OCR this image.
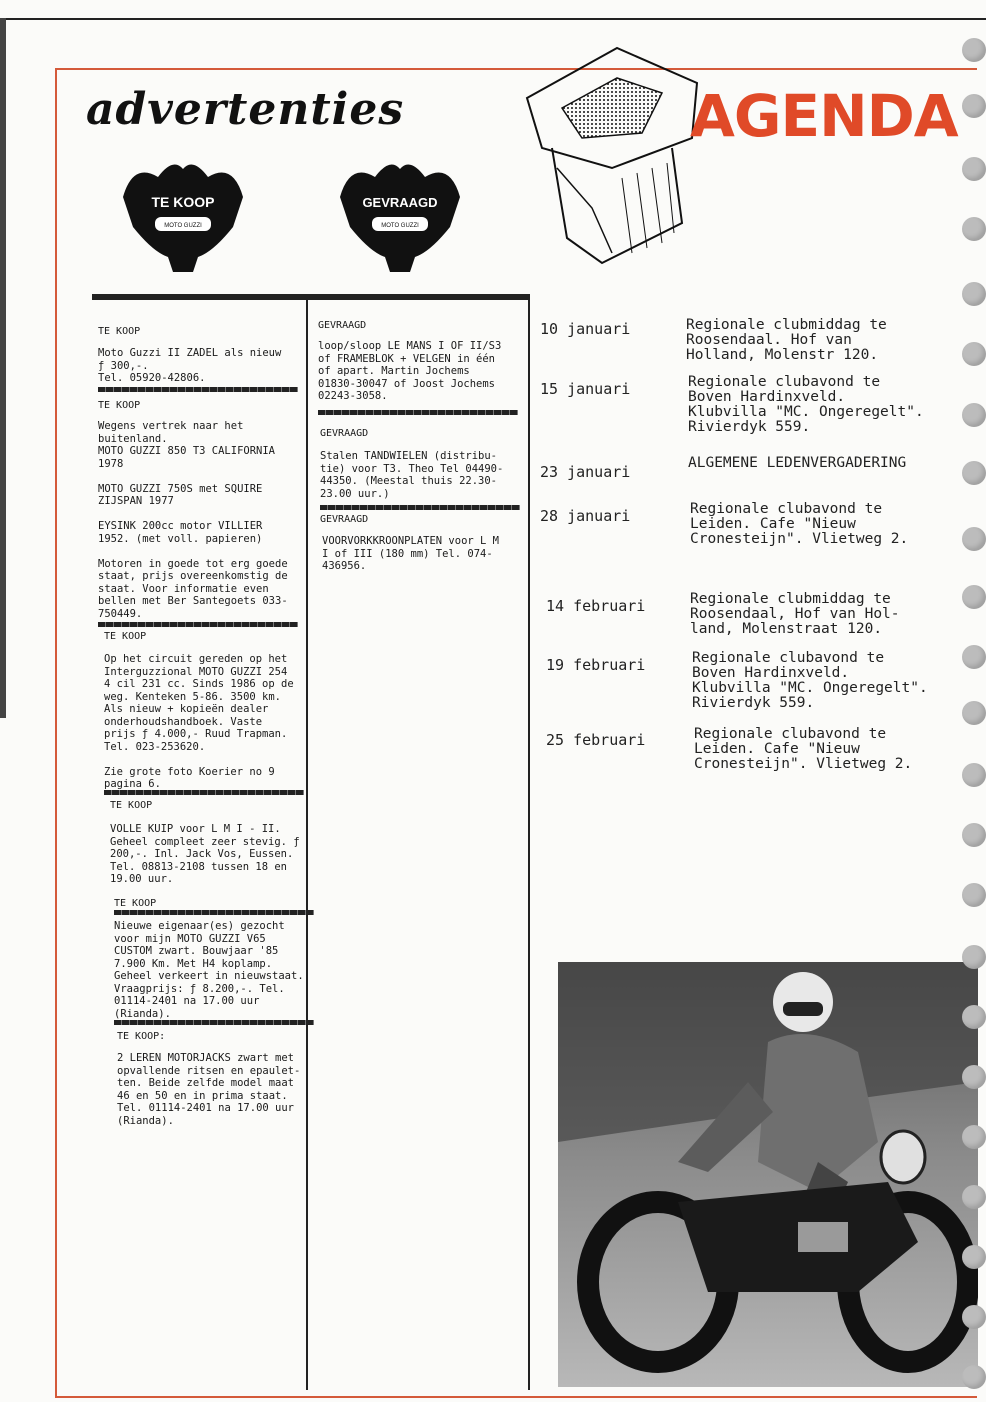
advertenties	AGENDA
TE KOOP
MOTO GUZZI
GEVRAAGD
MOTO GUZZI
TE KOOP
Moto Guzzi II ZADEL als nieuw
ƒ 300,-.
Tel. 05920-42806.
TE KOOP
Wegens vertrek naar het
buitenland.
MOTO GUZZI 850 T3 CALIFORNIA
1978

MOTO GUZZI 750S met SQUIRE
ZIJSPAN 1977

EYSINK 200cc motor VILLIER
1952. (met voll. papieren)

Motoren in goede tot erg goede
staat, prijs overeenkomstig de
staat. Voor informatie even
bellen met Ber Santegoets 033-
750449.
TE KOOP
Op het circuit gereden op het
Interguzzional MOTO GUZZI 254
4 cil 231 cc. Sinds 1986 op de
weg. Kenteken 5-86. 3500 km.
Als nieuw + kopieën dealer
onderhoudshandboek. Vaste
prijs ƒ 4.000,- Ruud Trapman.
Tel. 023-253620.

Zie grote foto Koerier no 9
pagina 6.
TE KOOP
VOLLE KUIP voor L M I - II.
Geheel compleet zeer stevig. ƒ
200,-. Inl. Jack Vos, Eussen.
Tel. 08813-2108 tussen 18 en
19.00 uur.
TE KOOP
Nieuwe eigenaar(es) gezocht
voor mijn MOTO GUZZI V65
CUSTOM zwart. Bouwjaar '85
7.900 Km. Met H4 koplamp.
Geheel verkeert in nieuwstaat.
Vraagprijs: ƒ 8.200,-. Tel.
01114-2401 na 17.00 uur
(Rianda).
TE KOOP:
2 LEREN MOTORJACKS zwart met
opvallende ritsen en epaulet-
ten. Beide zelfde model maat
46 en 50 en in prima staat.
Tel. 01114-2401 na 17.00 uur
(Rianda).
GEVRAAGD
loop/sloop LE MANS I OF II/S3
of FRAMEBLOK + VELGEN in één
of apart. Martin Jochems
01830-30047 of Joost Jochems
02243-3058.
GEVRAAGD
Stalen TANDWIELEN (distribu-
tie) voor T3. Theo Tel 04490-
44350. (Meestal thuis 22.30-
23.00 uur.)
GEVRAAGD
VOORVORKKROONPLATEN voor L M
I of III (180 mm) Tel. 074-
436956.
10 januari	Regionale clubmiddag te
Roosendaal. Hof van
Holland, Molenstr 120.
15 januari	Regionale clubavond te
Boven Hardinxveld.
Klubvilla "MC. Ongeregelt".
Rivierdyk 559.
23 januari	ALGEMENE LEDENVERGADERING
28 januari	Regionale clubavond te
Leiden. Cafe "Nieuw
Cronesteijn". Vlietweg 2.
14 februari	Regionale clubmiddag te
Roosendaal, Hof van Hol-
land, Molenstraat 120.
19 februari	Regionale clubavond te
Boven Hardinxveld.
Klubvilla "MC. Ongeregelt".
Rivierdyk 559.
25 februari	Regionale clubavond te
Leiden. Cafe "Nieuw
Cronesteijn". Vlietweg 2.
